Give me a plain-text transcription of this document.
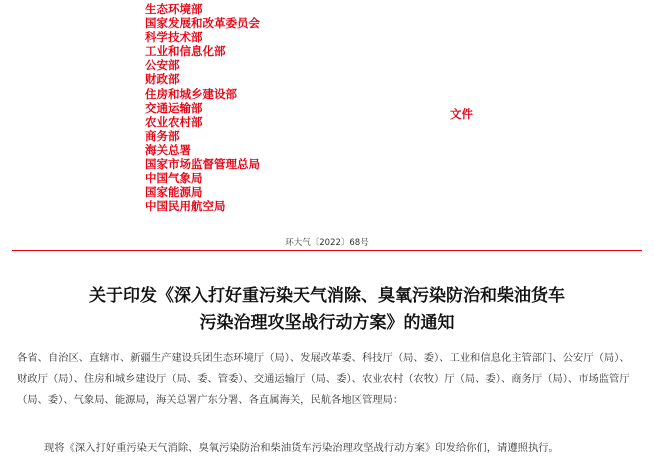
生态环境部
国家发展和改革委员会
科学技术部
工业和信息化部
公安部
财政部
住房和城乡建设部
交通运输部
农业农村部
商务部
海关总署
国家市场监督管理总局
中国气象局
国家能源局
中国民用航空局
文件
环大气〔2022〕68号
关于印发《深入打好重污染天气消除、臭氧污染防治和柴油货车
污染治理攻坚战行动方案》的通知

各省、自治区、直辖市、新疆生产建设兵团生态环境厅（局）、发展改革委、科技厅（局、委）、工业和信息化主管部门、公安厅（局）、财政厅（局）、住房和城乡建设厅（局、委、管委）、交通运输厅（局、委）、农业农村（农牧）厅（局、委）、商务厅（局）、市场监管厅（局、委）、气象局、能源局，海关总署广东分署、各直属海关，民航各地区管理局：

现将《深入打好重污染天气消除、臭氧污染防治和柴油货车污染治理攻坚战行动方案》印发给你们，请遵照执行。
